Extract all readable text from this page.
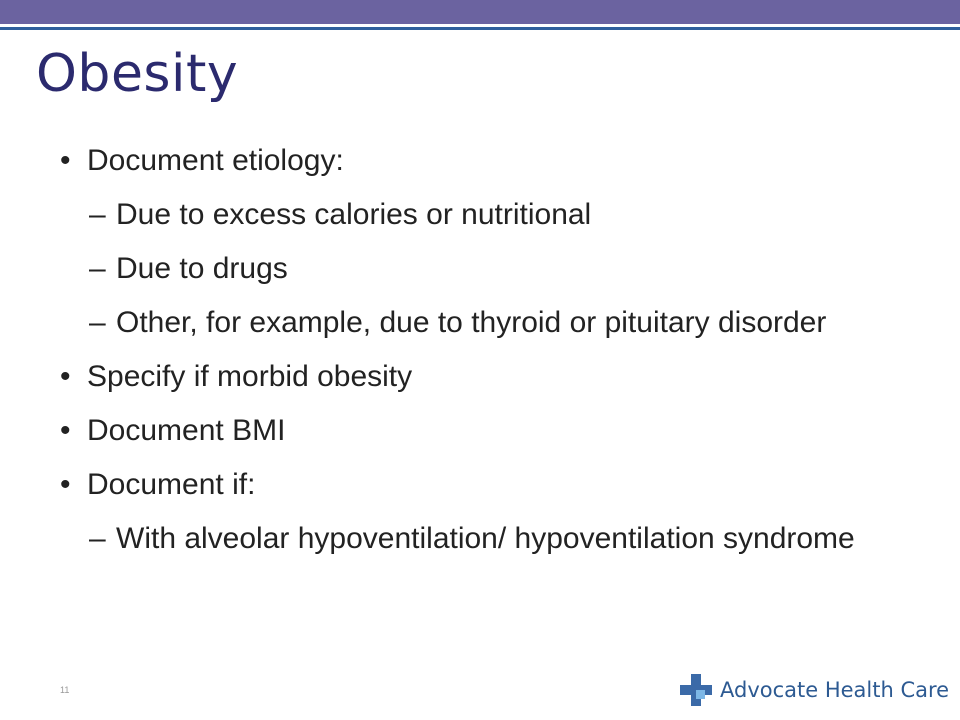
Obesity
• Document etiology:
– Due to excess calories or nutritional
– Due to drugs
– Other, for example, due to thyroid or pituitary disorder
• Specify if morbid obesity
• Document BMI
• Document if:
– With alveolar hypoventilation/ hypoventilation syndrome
11	Advocate Health Care
